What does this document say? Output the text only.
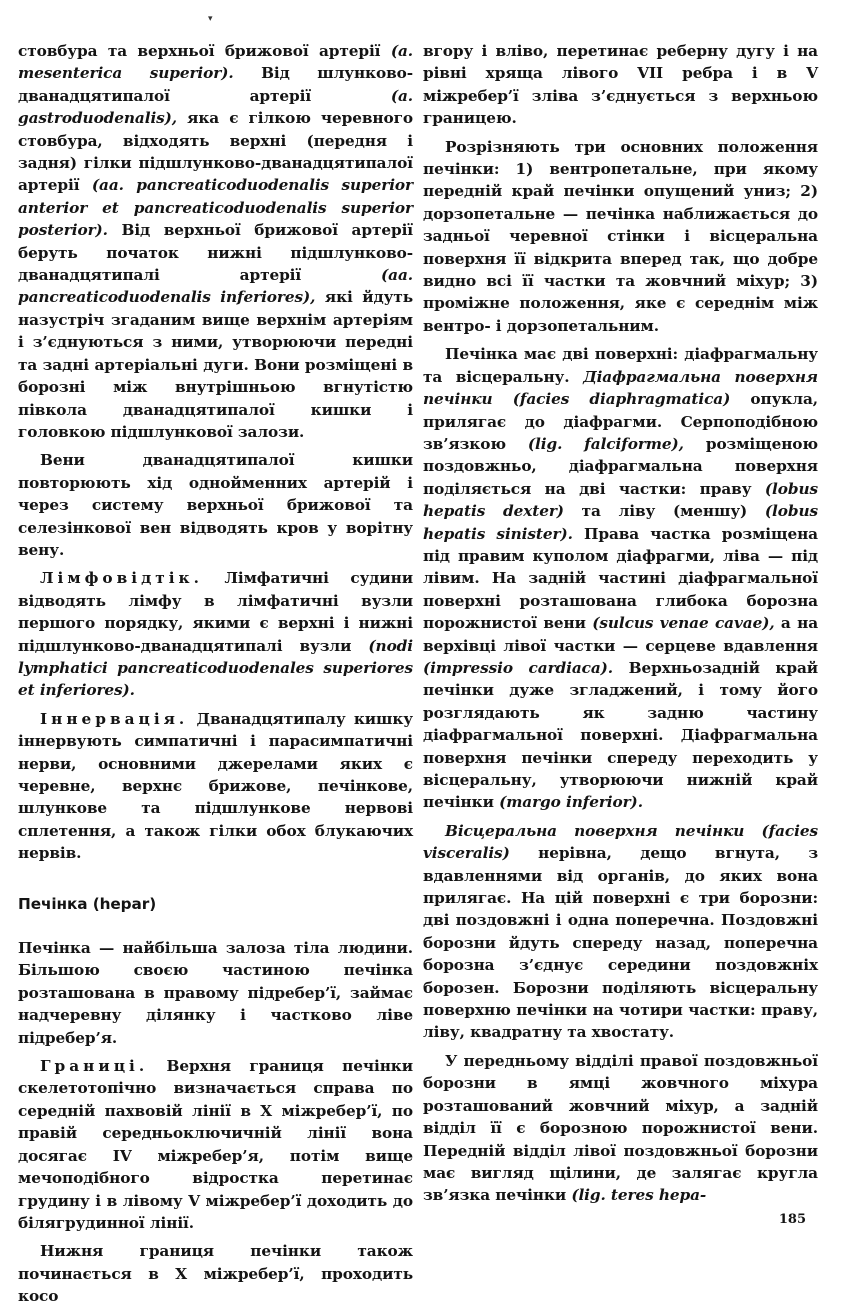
▾

стовбура та верхньої брижової артерії (a. mesenterica superior). Від шлунково-дванадцятипалої артерії (a. gastroduodenalis), яка є гілкою черевного стовбура, відходять верхні (передня і задня) гілки підшлунково-дванадцятипалої артерії (aa. pancreaticoduodenalis superior anterior et pancreaticoduodenalis superior posterior). Від верхньої брижової артерії беруть початок нижні підшлунково-дванадцятипалі артерії (aa. pancreaticoduodenalis inferiores), які йдуть назустріч згаданим вище верхнім артеріям і з’єднуються з ними, утворюючи передні та задні артеріальні дуги. Вони розміщені в борозні між внутрішньою вгнутістю півкола дванадцятипалої кишки і головкою підшлункової залози.

Вени дванадцятипалої кишки повторюють хід однойменних артерій і через систему верхньої брижової та селезінкової вен відводять кров у ворітну вену.

Лімфовідтік. Лімфатичні судини відводять лімфу в лімфатичні вузли першого порядку, якими є верхні і нижні підшлунково-дванадцятипалі вузли (nodi lymphatici pancreaticoduodenales superiores et inferiores).

Іннервація. Дванадцятипалу кишку іннервують симпатичні і парасимпатичні нерви, основними джерелами яких є черевне, верхнє брижове, печінкове, шлункове та підшлункове нервові сплетення, а також гілки обох блукаючих нервів.

Печінка (hepar)

Печінка — найбільша залоза тіла людини. Більшою своєю частиною печінка розташована в правому підребер’ї, займає надчеревну ділянку і частково ліве підребер’я.

Границі. Верхня границя печінки скелетотопічно визначається справа по середній пахвовій лінії в X міжребер’ї, по правій середньоключичній лінії вона досягає IV міжребер’я, потім вище мечоподібного відростка перетинає грудину і в лівому V міжребер’ї доходить до білягрудинної лінії.

Нижня границя печінки також починається в X міжребер’ї, проходить косо

вгору і вліво, перетинає реберну дугу і на рівні хряща лівого VII ребра і в V міжребер’ї зліва з’єднується з верхньою границею.

Розрізняють три основних положення печінки: 1) вентропетальне, при якому передній край печінки опущений униз; 2) дорзопетальне — печінка наближається до задньої черевної стінки і вісцеральна поверхня її відкрита вперед так, що добре видно всі її частки та жовчний міхур; 3) проміжне положення, яке є середнім між вентро- і дорзопетальним.

Печінка має дві поверхні: діафрагмальну та вісцеральну. Діафрагмальна поверхня печінки (facies diaphragmatica) опукла, прилягає до діафрагми. Серпоподібною зв’язкою (lig. falciforme), розміщеною поздовжньо, діафрагмальна поверхня поділяється на дві частки: праву (lobus hepatis dexter) та ліву (меншу) (lobus hepatis sinister). Права частка розміщена під правим куполом діафрагми, ліва — під лівим. На задній частині діафрагмальної поверхні розташована глибока борозна порожнистої вени (sulcus venae cavae), а на верхівці лівої частки — серцеве вдавлення (impressio cardiaca). Верхньозадній край печінки дуже згладжений, і тому його розглядають як задню частину діафрагмальної поверхні. Діафрагмальна поверхня печінки спереду переходить у вісцеральну, утворюючи нижній край печінки (margo inferior).

Вісцеральна поверхня печінки (facies visceralis) нерівна, дещо вгнута, з вдавленнями від органів, до яких вона прилягає. На цій поверхні є три борозни: дві поздовжні і одна поперечна. Поздовжні борозни йдуть спереду назад, поперечна борозна з’єднує середини поздовжніх борозен. Борозни поділяють вісцеральну поверхню печінки на чотири частки: праву, ліву, квадратну та хвостату.

У передньому відділі правої поздовжньої борозни в ямці жовчного міхура розташований жовчний міхур, а задній відділ її є борозною порожнистої вени. Передній відділ лівої поздовжньої борозни має вигляд щілини, де залягає кругла зв’язка печінки (lig. teres hepa-

185
